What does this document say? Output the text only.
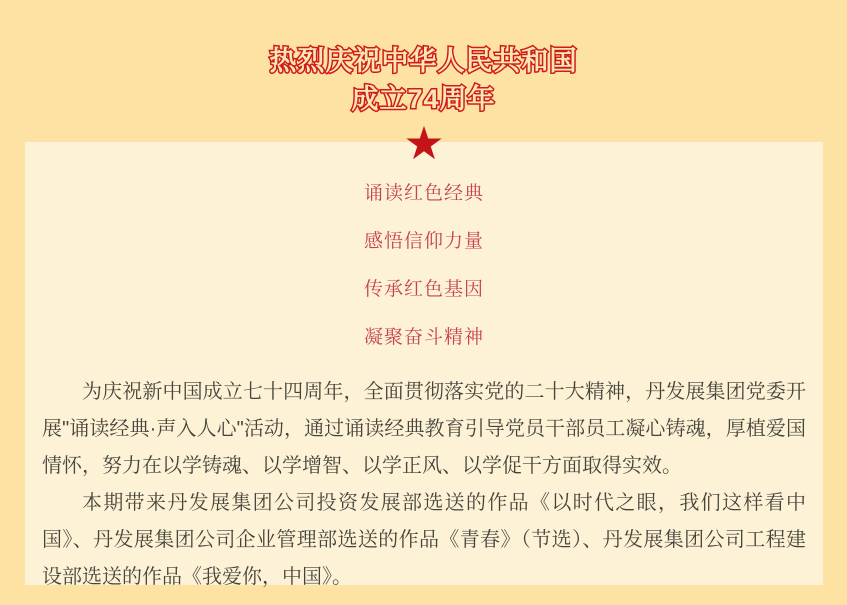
热烈庆祝中华人民共和国
成立74周年
★
诵读红色经典
感悟信仰力量
传承红色基因
凝聚奋斗精神

为庆祝新中国成立七十四周年，全面贯彻落实党的二十大精神，丹发展集团党委开展"诵读经典·声入人心"活动，通过诵读经典教育引导党员干部员工凝心铸魂，厚植爱国情怀，努力在以学铸魂、以学增智、以学正风、以学促干方面取得实效。

本期带来丹发展集团公司投资发展部选送的作品《以时代之眼，我们这样看中国》、丹发展集团公司企业管理部选送的作品《青春》（节选）、丹发展集团公司工程建设部选送的作品《我爱你，中国》。
